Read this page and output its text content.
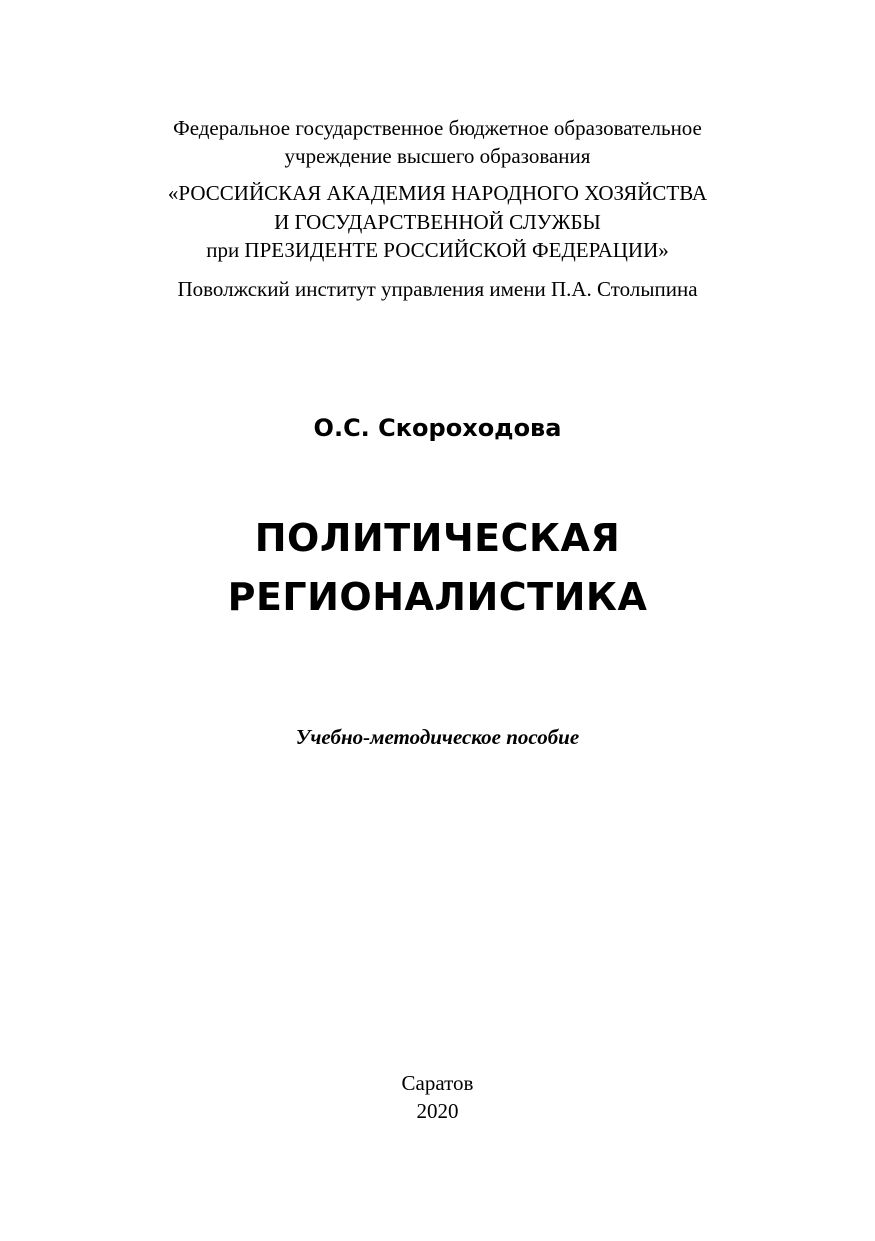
Федеральное государственное бюджетное образовательное
учреждение высшего образования
«РОССИЙСКАЯ АКАДЕМИЯ НАРОДНОГО ХОЗЯЙСТВА
И ГОСУДАРСТВЕННОЙ СЛУЖБЫ
при ПРЕЗИДЕНТЕ РОССИЙСКОЙ ФЕДЕРАЦИИ»
Поволжский институт управления имени П.А. Столыпина
О.С. Скороходова
ПОЛИТИЧЕСКАЯ
РЕГИОНАЛИСТИКА
Учебно-методическое пособие
Саратов
2020
